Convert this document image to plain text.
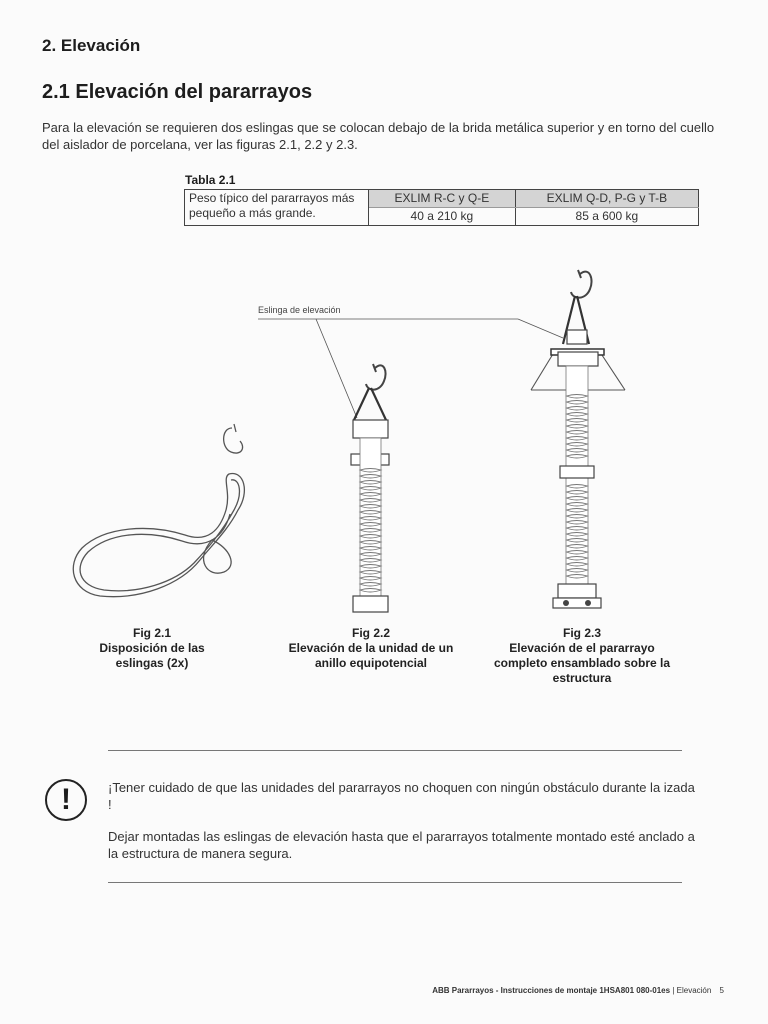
2. Elevación
2.1 Elevación del pararrayos
Para la elevación se requieren dos eslingas que se colocan debajo de la brida metálica superior y en torno del cuello del aislador de porcelana, ver las figuras 2.1, 2.2 y 2.3.
Tabla 2.1
Peso típico del pararrayos más pequeño a más grande.	EXLIM R-C y Q-E	EXLIM Q-D, P-G y T-B
	40 a 210 kg	85 a 600 kg
Fig 2.1
Disposición de las eslingas (2x)
Fig 2.2
Elevación de la unidad de un anillo equipotencial
Fig 2.3
Elevación de el pararrayo completo ensamblado sobre la estructura
Eslinga de elevación
!	¡Tener cuidado de que las unidades del pararrayos no choquen con ningún obstáculo durante la izada !
Dejar montadas las eslingas de elevación hasta que el pararrayos totalmente montado esté anclado a la estructura de manera segura.
ABB Pararrayos - Instrucciones de montaje 1HSA801 080-01es | Elevación 5
